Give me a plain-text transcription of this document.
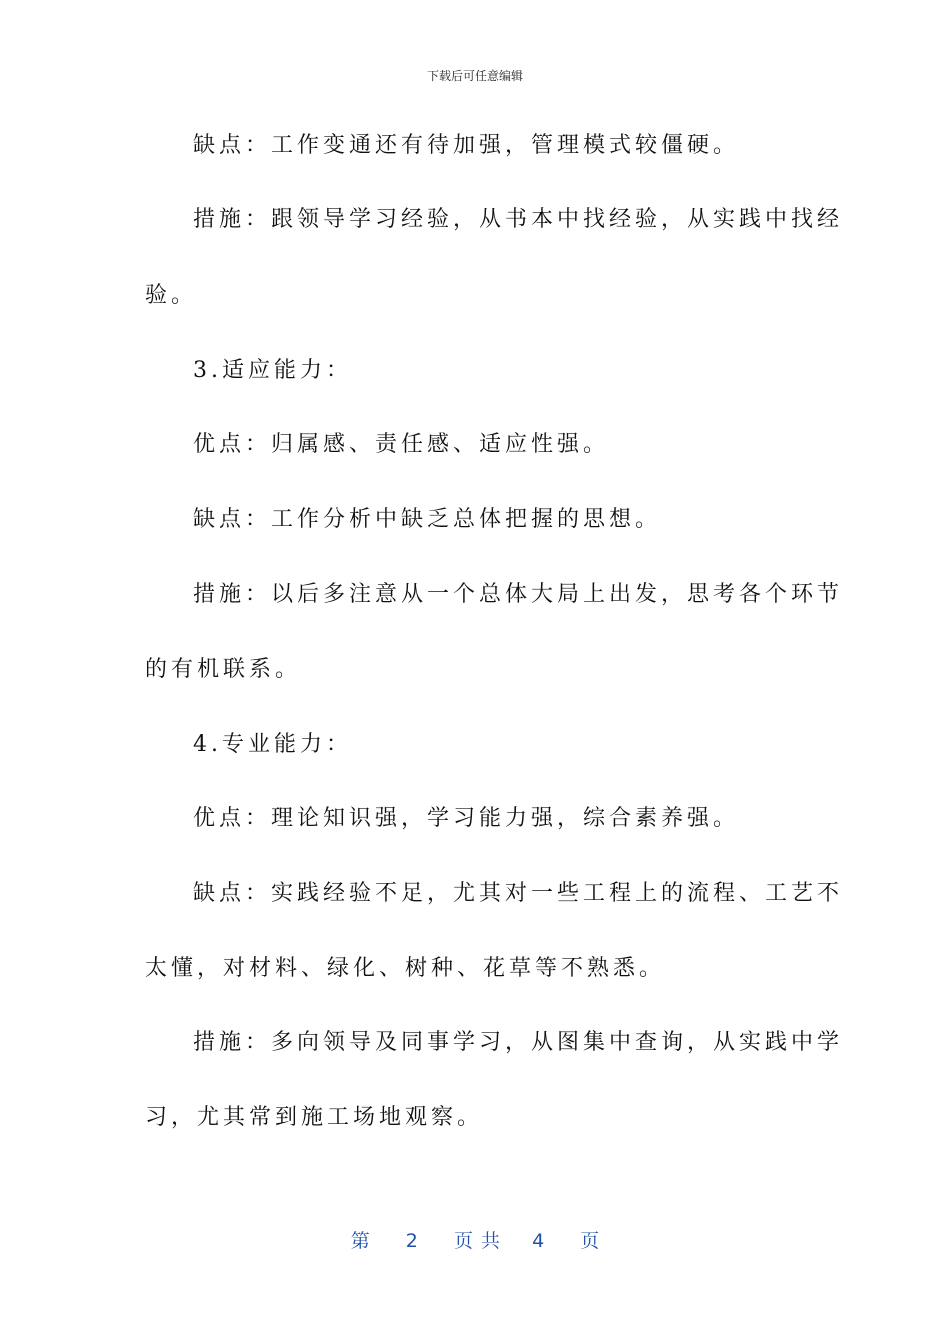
下载后可任意编辑
缺点：工作变通还有待加强，管理模式较僵硬。
措施：跟领导学习经验，从书本中找经验，从实践中找经
验。
3.适应能力：
优点：归属感、责任感、适应性强。
缺点：工作分析中缺乏总体把握的思想。
措施：以后多注意从一个总体大局上出发，思考各个环节
的有机联系。
4.专业能力：
优点：理论知识强，学习能力强，综合素养强。
缺点：实践经验不足，尤其对一些工程上的流程、工艺不
太懂，对材料、绿化、树种、花草等不熟悉。
措施：多向领导及同事学习，从图集中查询，从实践中学
习，尤其常到施工场地观察。
第 2 页共 4 页
